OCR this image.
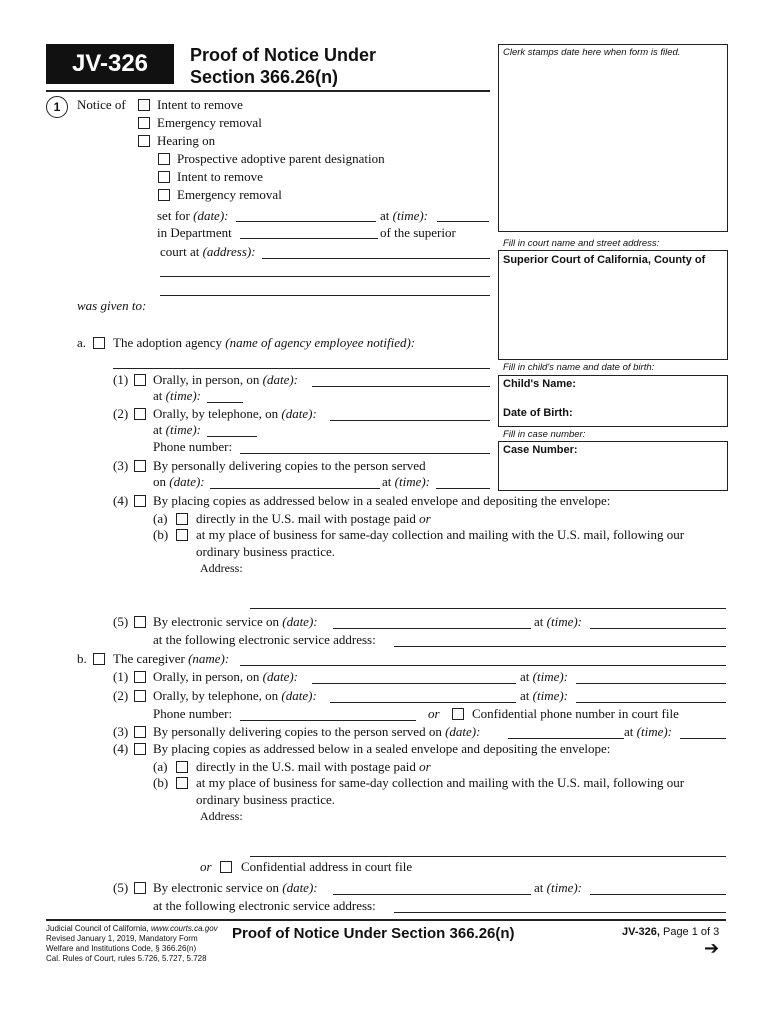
JV-326 Proof of Notice Under
Section 366.26(n)
Clerk stamps date here when form is filed.
Fill in court name and street address:
Superior Court of California, County of
Fill in child's name and date of birth:
Child's Name:
Date of Birth:
Fill in case number:
Case Number:
1	Notice of Intent to remove
Emergency removal
Hearing on
Prospective adoptive parent designation
Intent to remove
Emergency removal
set for (date):	at (time):
in Department	of the superior
court at (address):
was given to:
a. The adoption agency (name of agency employee notified):
(1) Orally, in person, on (date):
at (time):
(2) Orally, by telephone, on (date):
at (time):
Phone number:
(3) By personally delivering copies to the person served
on (date):	at (time):
(4) By placing copies as addressed below in a sealed envelope and depositing the envelope:
(a) directly in the U.S. mail with postage paid or
(b) at my place of business for same-day collection and mailing with the U.S. mail, following our
ordinary business practice.
Address:
(5) By electronic service on (date):	at (time):
at the following electronic service address:
b. The caregiver (name):
(1) Orally, in person, on (date):	at (time):
(2) Orally, by telephone, on (date):	at (time):
Phone number:	or Confidential phone number in court file
(3) By personally delivering copies to the person served on (date):	at (time):
(4) By placing copies as addressed below in a sealed envelope and depositing the envelope:
(a) directly in the U.S. mail with postage paid or
(b) at my place of business for same-day collection and mailing with the U.S. mail, following our
ordinary business practice.
Address:
or Confidential address in court file
(5) By electronic service on (date):	at (time):
at the following electronic service address:
Judicial Council of California, www.courts.ca.gov
Revised January 1, 2019, Mandatory Form
Welfare and Institutions Code, § 366.26(n)
Cal. Rules of Court, rules 5.726, 5.727, 5.728
Proof of Notice Under Section 366.26(n)	JV-326, Page 1 of 3
➔
